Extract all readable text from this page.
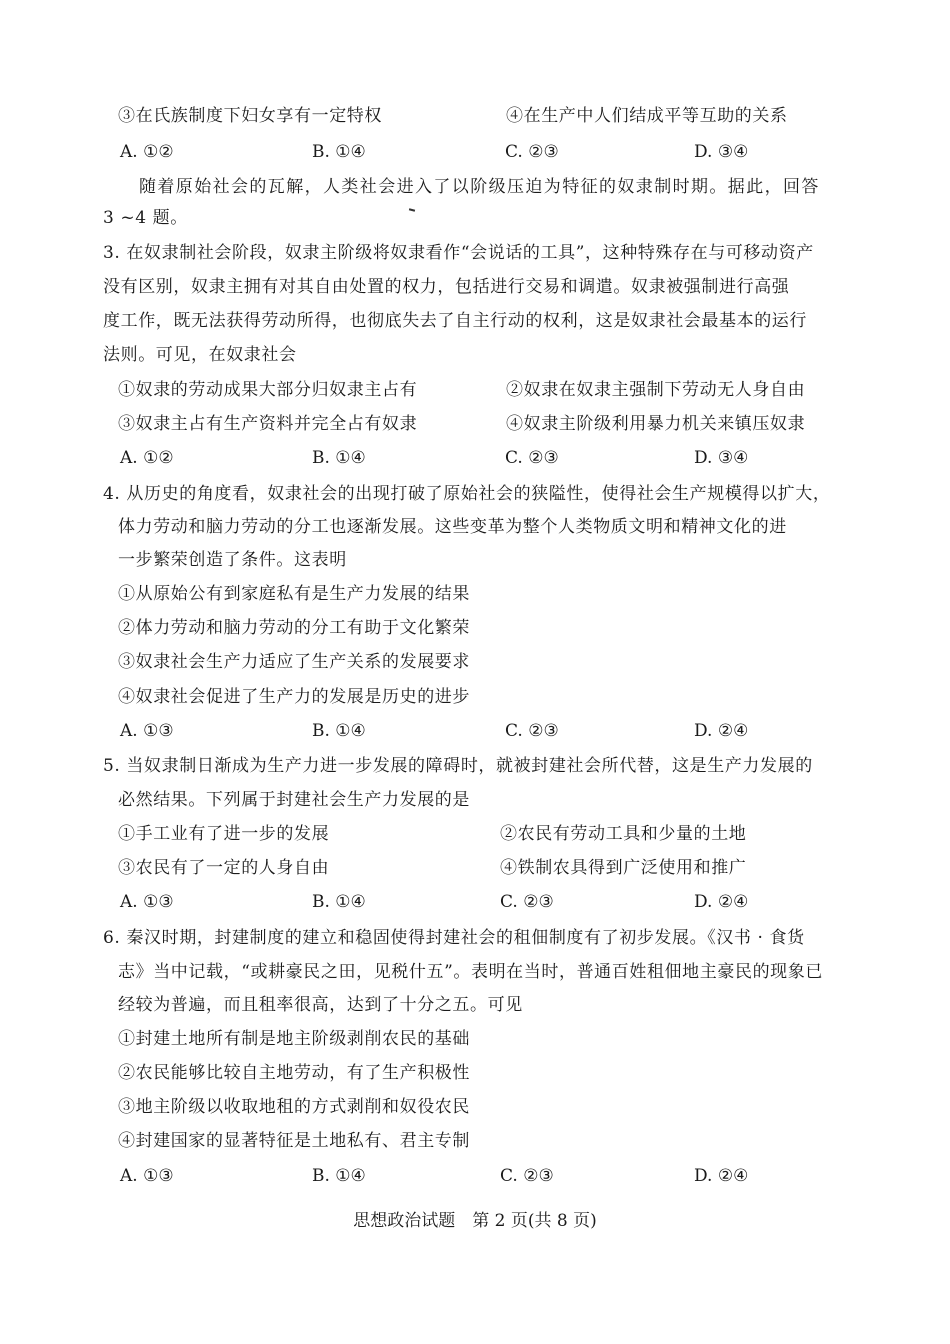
③在氏族制度下妇女享有一定特权	④在生产中人们结成平等互助的关系
A. ①②	B. ①④	C. ②③	D. ③④
随着原始社会的瓦解，人类社会进入了以阶级压迫为特征的奴隶制时期。据此，回答
3 ~4 题。
3. 在奴隶制社会阶段，奴隶主阶级将奴隶看作“会说话的工具”，这种特殊存在与可移动资产
没有区别，奴隶主拥有对其自由处置的权力，包括进行交易和调遣。奴隶被强制进行高强
度工作，既无法获得劳动所得，也彻底失去了自主行动的权利，这是奴隶社会最基本的运行
法则。可见，在奴隶社会
①奴隶的劳动成果大部分归奴隶主占有	②奴隶在奴隶主强制下劳动无人身自由
③奴隶主占有生产资料并完全占有奴隶	④奴隶主阶级利用暴力机关来镇压奴隶
A. ①②	B. ①④	C. ②③	D. ③④
4. 从历史的角度看，奴隶社会的出现打破了原始社会的狭隘性，使得社会生产规模得以扩大，
体力劳动和脑力劳动的分工也逐渐发展。这些变革为整个人类物质文明和精神文化的进
一步繁荣创造了条件。这表明
①从原始公有到家庭私有是生产力发展的结果
②体力劳动和脑力劳动的分工有助于文化繁荣
③奴隶社会生产力适应了生产关系的发展要求
④奴隶社会促进了生产力的发展是历史的进步
A. ①③	B. ①④	C. ②③	D. ②④
5. 当奴隶制日渐成为生产力进一步发展的障碍时，就被封建社会所代替，这是生产力发展的
必然结果。下列属于封建社会生产力发展的是
①手工业有了进一步的发展	②农民有劳动工具和少量的土地
③农民有了一定的人身自由	④铁制农具得到广泛使用和推广
A. ①③	B. ①④	C. ②③	D. ②④
6. 秦汉时期，封建制度的建立和稳固使得封建社会的租佃制度有了初步发展。《汉书 · 食货
志》当中记载，“或耕豪民之田，见税什五”。表明在当时，普通百姓租佃地主豪民的现象已
经较为普遍，而且租率很高，达到了十分之五。可见
①封建土地所有制是地主阶级剥削农民的基础
②农民能够比较自主地劳动，有了生产积极性
③地主阶级以收取地租的方式剥削和奴役农民
④封建国家的显著特征是土地私有、君主专制
A. ①③	B. ①④	C. ②③	D. ②④
思想政治试题　第 2 页(共 8 页)
